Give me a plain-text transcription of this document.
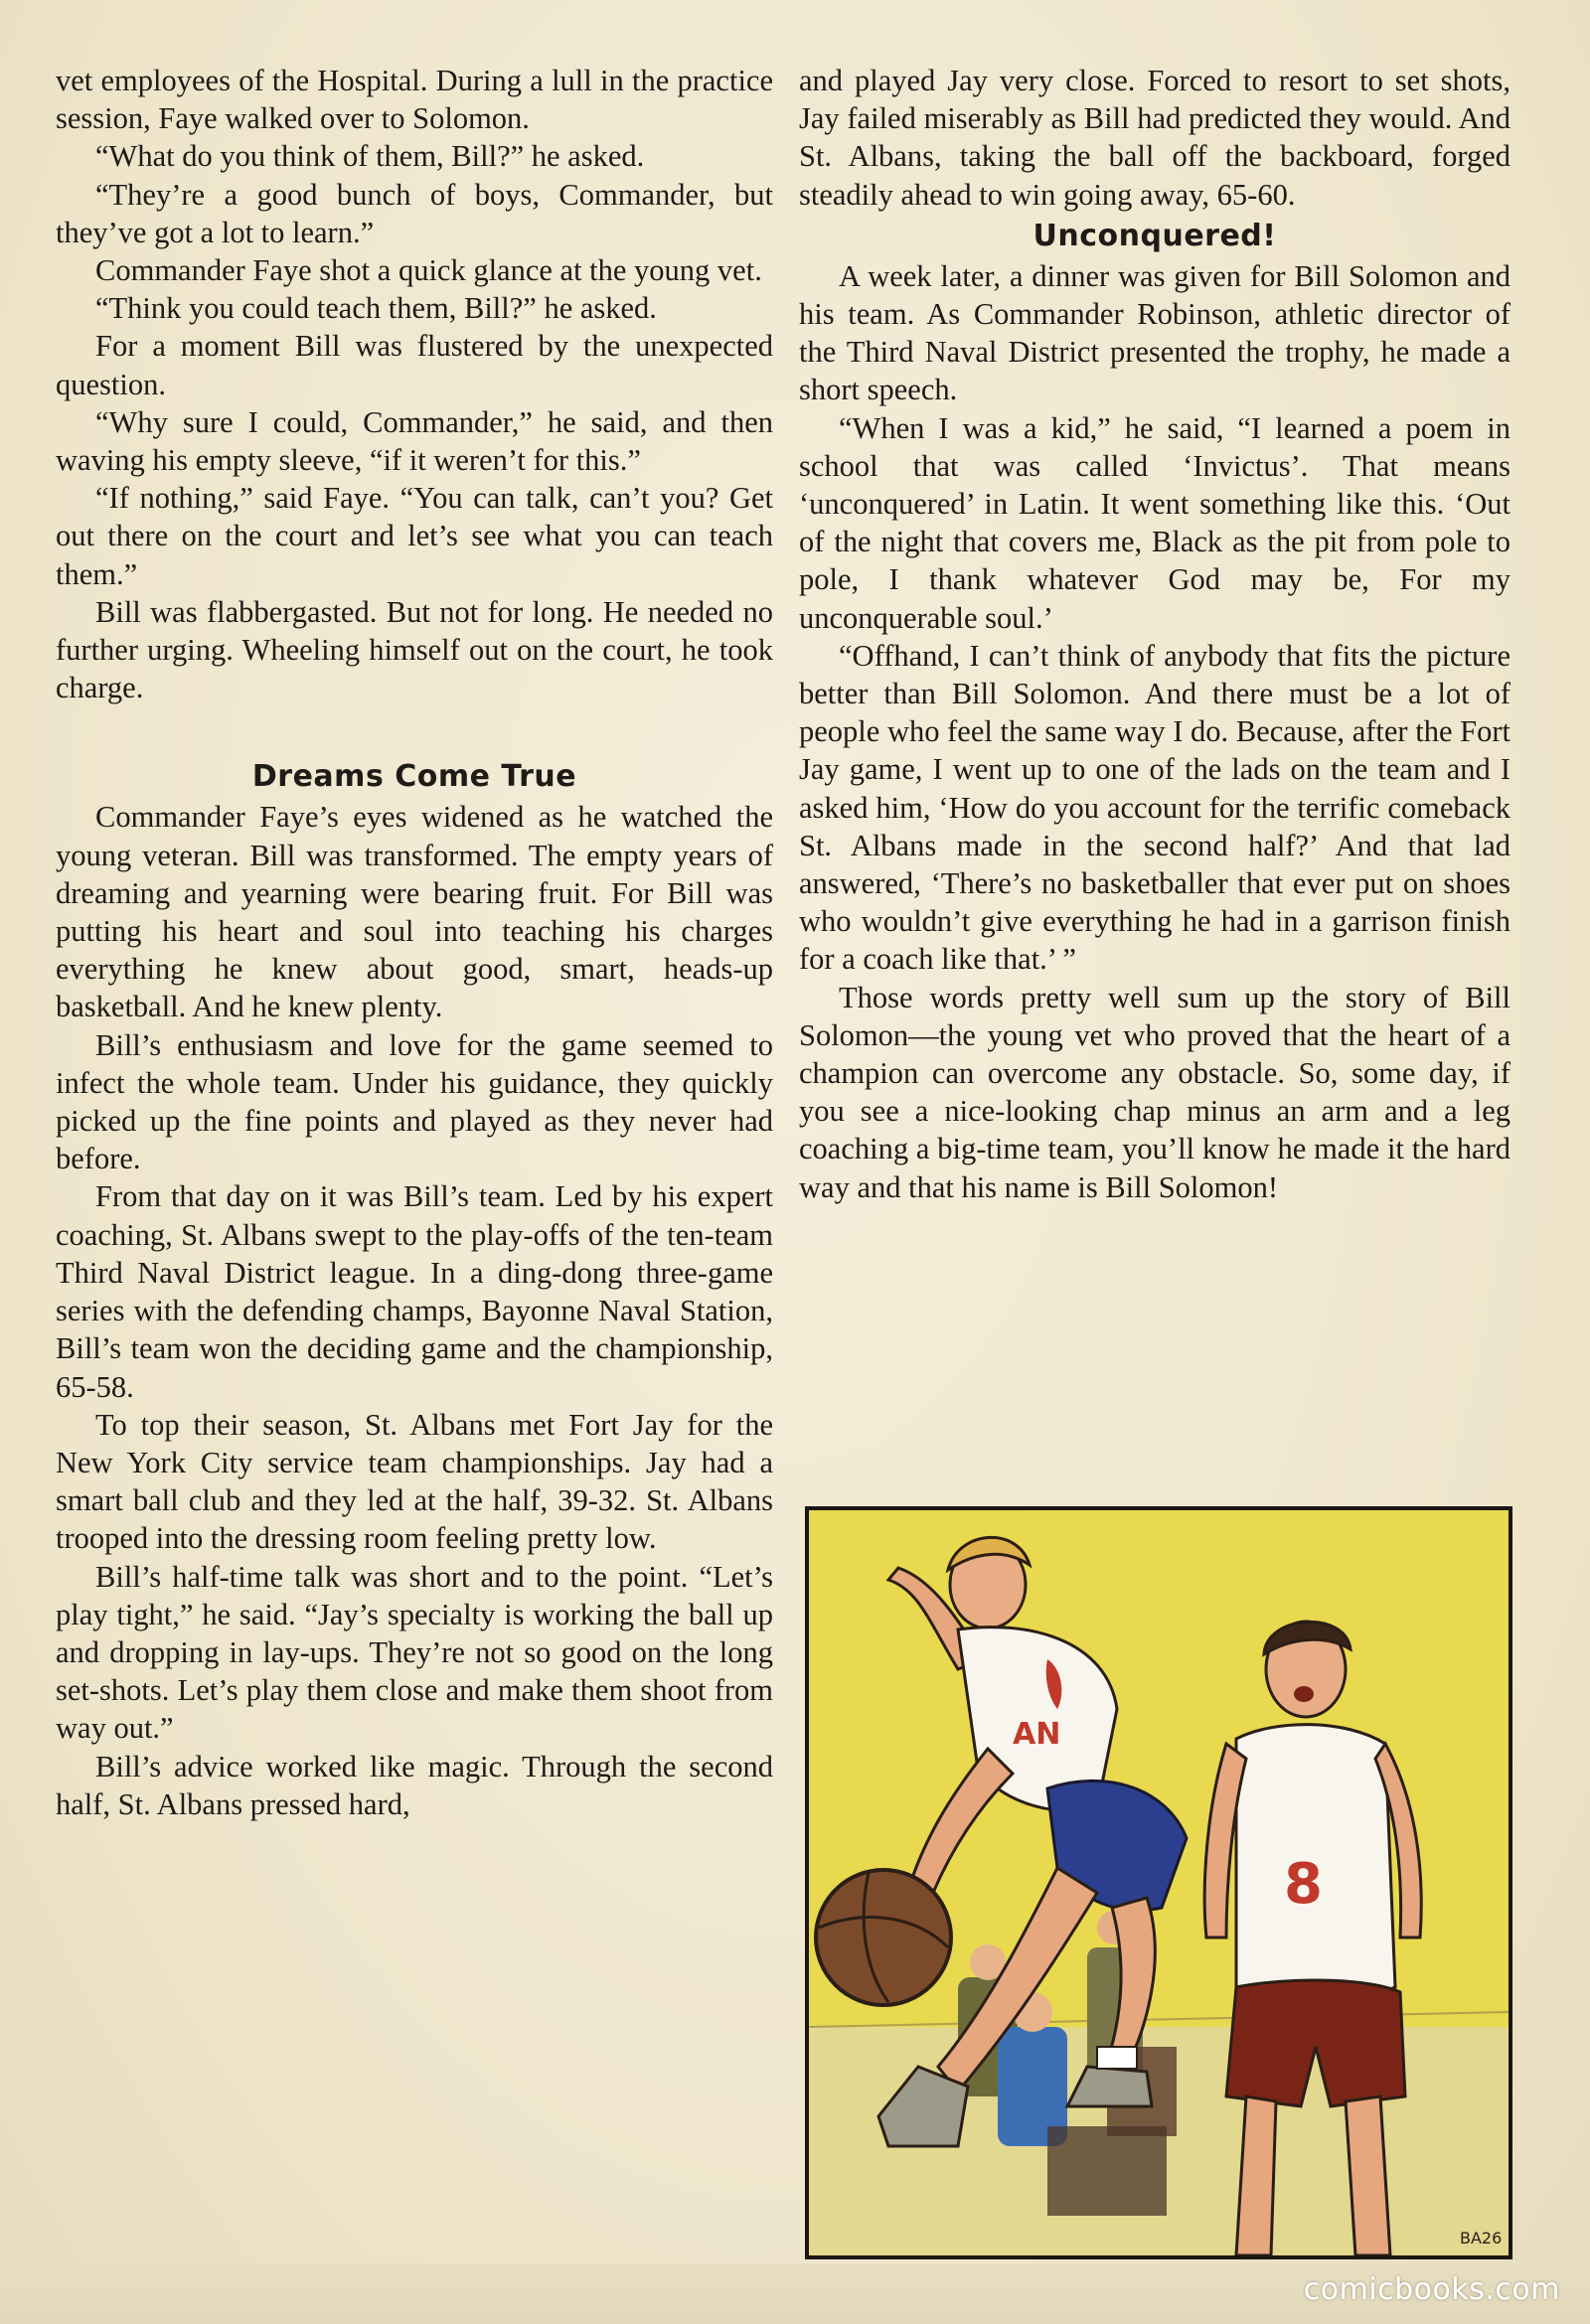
vet employees of the Hospital. During a lull in the practice session, Faye walked over to Solomon.

“What do you think of them, Bill?” he asked.

“They’re a good bunch of boys, Commander, but they’ve got a lot to learn.”

Commander Faye shot a quick glance at the young vet.

“Think you could teach them, Bill?” he asked.

For a moment Bill was flustered by the unexpected question.

“Why sure I could, Commander,” he said, and then waving his empty sleeve, “if it weren’t for this.”

“If nothing,” said Faye. “You can talk, can’t you? Get out there on the court and let’s see what you can teach them.”

Bill was flabbergasted. But not for long. He needed no further urging. Wheeling himself out on the court, he took charge.

Dreams Come True

Commander Faye’s eyes widened as he watched the young veteran. Bill was transformed. The empty years of dreaming and yearning were bearing fruit. For Bill was putting his heart and soul into teaching his charges everything he knew about good, smart, heads-up basketball. And he knew plenty.

Bill’s enthusiasm and love for the game seemed to infect the whole team. Under his guidance, they quickly picked up the fine points and played as they never had before.

From that day on it was Bill’s team. Led by his expert coaching, St. Albans swept to the play-offs of the ten-team Third Naval District league. In a ding-dong three-game series with the defending champs, Bayonne Naval Station, Bill’s team won the deciding game and the championship, 65-58.

To top their season, St. Albans met Fort Jay for the New York City service team championships. Jay had a smart ball club and they led at the half, 39-32. St. Albans trooped into the dressing room feeling pretty low.

Bill’s half-time talk was short and to the point. “Let’s play tight,” he said. “Jay’s specialty is working the ball up and dropping in lay-ups. They’re not so good on the long set-shots. Let’s play them close and make them shoot from way out.”

Bill’s advice worked like magic. Through the second half, St. Albans pressed hard,

and played Jay very close. Forced to resort to set shots, Jay failed miserably as Bill had predicted they would. And St. Albans, taking the ball off the backboard, forged steadily ahead to win going away, 65-60.

Unconquered!

A week later, a dinner was given for Bill Solomon and his team. As Commander Robinson, athletic director of the Third Naval District presented the trophy, he made a short speech.

“When I was a kid,” he said, “I learned a poem in school that was called ‘Invictus’. That means ‘unconquered’ in Latin. It went something like this. ‘Out of the night that covers me, Black as the pit from pole to pole, I thank whatever God may be, For my unconquerable soul.’

“Offhand, I can’t think of anybody that fits the picture better than Bill Solomon. And there must be a lot of people who feel the same way I do. Because, after the Fort Jay game, I went up to one of the lads on the team and I asked him, ‘How do you account for the terrific comeback St. Albans made in the second half?’ And that lad answered, ‘There’s no basketballer that ever put on shoes who wouldn’t give everything he had in a garrison finish for a coach like that.’ ”

Those words pretty well sum up the story of Bill Solomon—the young vet who proved that the heart of a champion can overcome any obstacle. So, some day, if you see a nice-looking chap minus an arm and a leg coaching a big-time team, you’ll know he made it the hard way and that his name is Bill Solomon!

AN
8
BA26
comicbooks.com
